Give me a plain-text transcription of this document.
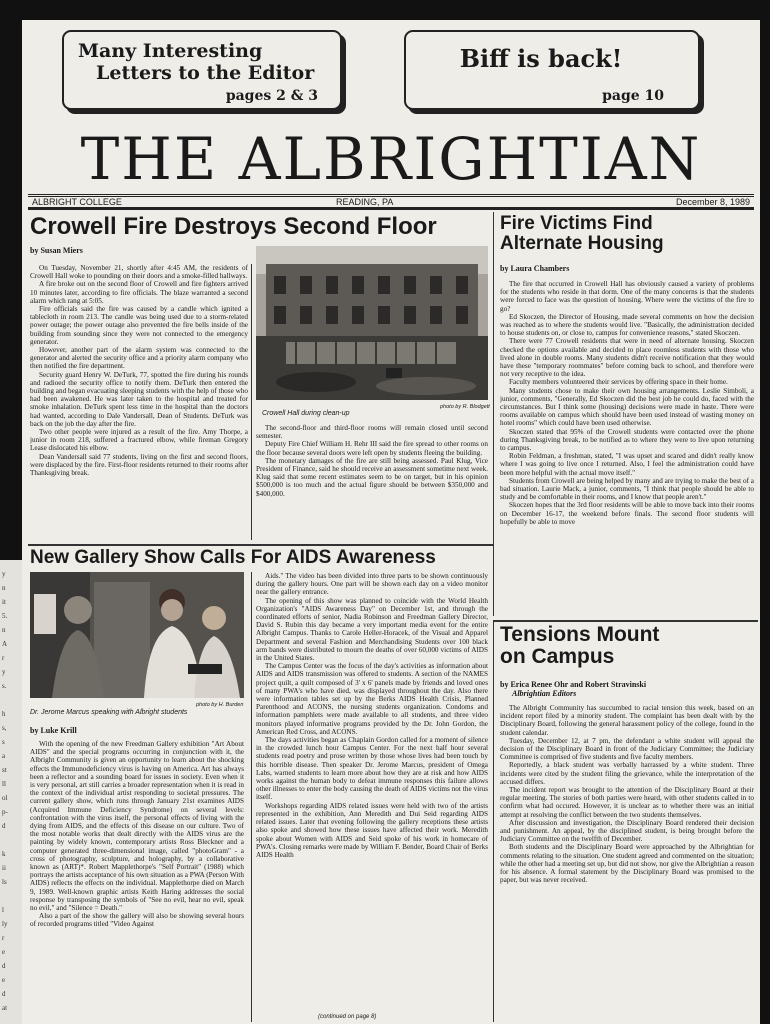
y
n
it
5.
n
A
r
y
s.
h
s,
s
a
st
ll
ol
p-
d
k
ii
ls
l
ly
r
e
d
e
d
at
Many Interesting
Letters to the Editor
pages 2 & 3
Biff is back!
page 10
THE ALBRIGHTIAN
ALBRIGHT COLLEGE	READING, PA	December 8, 1989
Crowell Fire Destroys Second Floor
by Susan Miers

On Tuesday, November 21, shortly after 4:45 AM, the residents of Crowell Hall woke to pounding on their doors and a smoke-filled hallways.

A fire broke out on the second floor of Crowell and fire fighters arrived 10 minutes later, according to fire officials. The blaze warranted a second alarm which rang at 5:05.

Fire officials said the fire was caused by a candle which ignited a tablecloth in room 213. The candle was being used due to a storm-related power outage; the power outage also prevented the fire bells inside of the building from sounding since they were not connected to the emergency generator.

However, another part of the alarm system was connected to the generator and alerted the security office and a priority alarm company who then notified the fire department.

Security guard Henry W. DeTurk, 77, spotted the fire during his rounds and radioed the security office to notify them. DeTurk then entered the building and began evacuating sleeping students with the help of those who had been awakened. He was later taken to the hospital and treated for smoke inhalation. DeTurk spent less time in the hospital than the doctors had wanted, according to Dale Vandersall, Dean of Students. DeTurk was back on the job the day after the fire.

Two other people were injured as a result of the fire. Amy Thorpe, a junior in room 218, suffered a fractured elbow, while fireman Gregory Lease dislocated his elbow.

Dean Vandersall said 77 students, living on the first and second floors, were displaced by the fire. First-floor residents returned to their rooms after Thanksgiving break.

photo by R. Blodgett
Crowell Hall during clean-up

The second-floor and third-floor rooms will remain closed until second semester.

Deputy Fire Chief William H. Rehr III said the fire spread to other rooms on the floor because several doors were left open by students fleeing the building.

The monetary damages of the fire are still being assessed. Paul Klug, Vice President of Finance, said he should receive an assessment sometime next week. Klug said that some recent estimates seem to be on target, but in his opinion $500,000 is too much and the actual figure should be between $350,000 and $400,000.

Fire Victims Find
Alternate Housing
by Laura Chambers

The fire that occurred in Crowell Hall has obviously caused a variety of problems for the students who reside in that dorm. One of the many concerns is that the students were forced to face was the question of housing. Where were the victims of the fire to go?

Ed Skoczen, the Director of Housing, made several comments on how the decision was reached as to where the students would live. "Basically, the administration decided to house students on, or close to, campus for convenience reasons," stated Skoczen.

There were 77 Crowell residents that were in need of alternate housing. Skoczen checked the options available and decided to place roomless students with those who lived alone in double rooms. Many students didn't receive notification that they would have these "temporary roommates" before coming back to school, and therefore were not very receptive to the idea.

Faculty members volunteered their services by offering space in their home.

Many students chose to make their own housing arrangements. Leslie Simboli, a junior, comments, "Generally, Ed Skoczen did the best job he could do, faced with the circumstances. But I think some (housing) decisions were made in haste. There were rooms available on campus which should have been used instead of wasting money on hotel rooms" which could have been used otherwise.

Skoczen stated that 95% of the Crowell students were contacted over the phone during Thanksgiving break, to be notified as to where they were to live upon returning to campus.

Robin Feldman, a freshman, stated, "I was upset and scared and didn't really know where I was going to live once I returned. Also, I feel the administration could have been more helpful with the actual move itself."

Students from Crowell are being helped by many and are trying to make the best of a bad situation. Laurie Mack, a junior, comments, "I think that people should be able to study and be comfortable in their rooms, and I know that people aren't."

Skoczen hopes that the 3rd floor residents will be able to move back into their rooms on December 16-17, the weekend before finals. The second floor students will hopefully be able to move

New Gallery Show Calls For AIDS Awareness
photo by H. Burden
Dr. Jerome Marcus speaking with Albright students
by Luke Krill

With the opening of the new Freedman Gallery exhibition "Art About AIDS" and the special programs occurring in conjunction with it, the Albright Community is given an opportunity to learn about the shocking effects the Immunodeficiency virus is having on America. Art has always been a reflector and a sounding board for issues in society. Even when it is very personal, art still carries a broader representation when it is read in the context of the individual artist responding to societal pressures. The current gallery show, which runs through January 21st examines AIDS (Acquired Immune Deficiency Syndrome) on several levels: confrontation with the virus itself, the personal effects of living with the dying from AIDS, and the effects of this disease on our culture. Two of the most notable works that dealt directly with the AIDS virus are the painting by widely known, contemporary artists Ross Bleckner and a computer generated three-dimensional image, called "photoGram" - a cross of photography, sculpture, and holography, by a collaborative known as (ART)*. Robert Mapplethorpe's "Self Portrait" (1988) which portrays the artists acceptance of his own situation as a PWA (Person With AIDS) reflects the effects on the individual. Mapplethorpe died on March 9, 1989. Well-known graphic artists Keith Haring addresses the social response by transposing the symbols of "See no evil, hear no evil, speak no evil," and "Silence = Death."

Also a part of the show the gallery will also be showing several hours of recorded programs titled "Video Against

Aids." The video has been divided into three parts to be shown continuously during the gallery hours. One part will be shown each day on a video monitor near the gallery entrance.

The opening of this show was planned to coincide with the World Health Organization's "AIDS Awareness Day" on December 1st, and through the coordinated efforts of senior, Nadia Robinson and Freedman Gallery Director, David S. Rubin this day became a very important media event for the entire Albright Campus. Thanks to Carole Heller-Horacek, of the Visual and Apparel Department and several Fashion and Merchandising Students over 100 black arm bands were distributed to mourn the deaths of over 60,000 victims of AIDS in the United States.

The Campus Center was the focus of the day's activities as information about AIDS and AIDS transmission was offered to students. A section of the NAMES project quilt, a quilt composed of 3' x 6' panels made by friends and loved ones of many PWA's who have died, was displayed throughout the day. Also there were information tables set up by the Berks AIDS Health Crisis, Planned Parenthood and ACONS, the nursing students organization. Condoms and information pamphlets were made available to all students, and three video monitors played informative programs provided by the Dr. John Gordon, the American Red Cross, and ACONS.

The days activities began as Chaplain Gordon called for a moment of silence in the crowded lunch hour Campus Center. For the next half hour several students read poetry and prose written by those whose lives had been touch by this horrible disease. Then speaker Dr. Jerome Marcus, president of Omega Labs, warned students to learn more about how they are at risk and how AIDS works against the human body to defeat immune responses this failure allows other illnesses to enter the body causing the death of AIDS victims not the virus itself.

Workshops regarding AIDS related issues were held with two of the artists represented in the exhibition, Ann Meredith and Dui Seid regarding AIDS related issues. Later that evening following the gallery receptions these artists also spoke and showed how these issues have affected their work. Meredith spoke about Women with AIDS and Seid spoke of his work in homecare of PWA's. Closing remarks were made by William F. Bender, Board Chair of Berks AIDS Health

(continued on page 8)
Tensions Mount
on Campus
by Erica Renee Ohr and Robert Stravinski
Albrightian Editors

The Albright Community has succumbed to racial tension this week, based on an incident report filed by a minority student. The complaint has been dealt with by the Disciplinary Board, following the general harassment policy of the college, found in the student calendar.

Tuesday, December 12, at 7 pm, the defendant a white student will appeal the decision of the Disciplinary Board in front of the Judiciary Committee; the Judiciary Committee is comprised of five students and five faculty members.

Reportedly, a black student was verbally harrassed by a white student. Three incidents were cited by the student filing the grievance, while the interpretation of the accused differs.

The incident report was brought to the attention of the Disciplinary Board at their regular meeting. The stories of both parties were heard, with other students called in to confirm what had occured. However, it is unclear as to whether there was an initial attempt at resolving the conflict between the two students themselves.

After discussion and investigation, the Disciplinary Board rendered their decision and punishment. An appeal, by the disciplined student, is being brought before the Judiciary Committee on the twelfth of December.

Both students and the Disciplinary Board were approached by the Albrightian for comments relating to the situation. One student agreed and commented on the situation; while the other had a meeting set up, but did not show, nor give the Albrightian a reason for his absence. A formal statement by the Disciplinary Board was promised to the paper, but was never received.
